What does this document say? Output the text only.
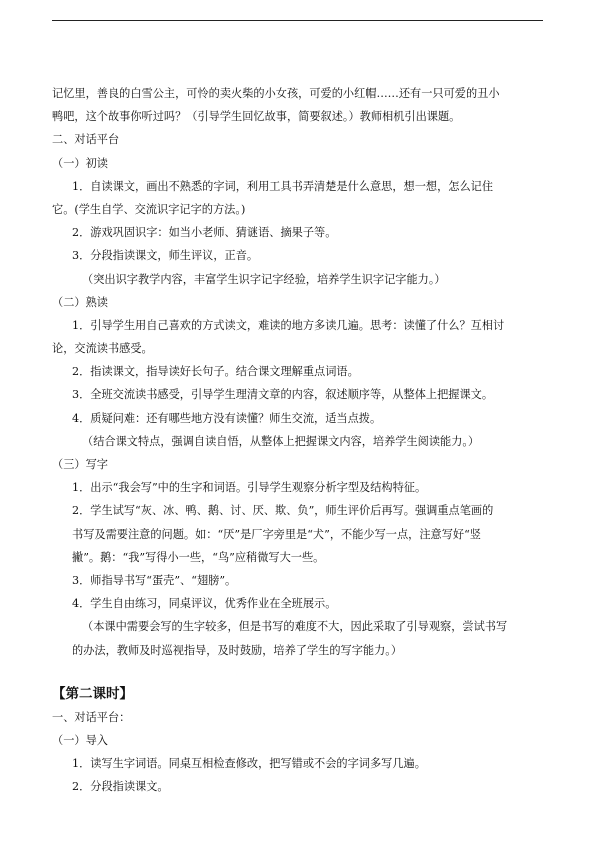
记忆里，善良的白雪公主，可怜的卖火柴的小女孩，可爱的小红帽……还有一只可爱的丑小
鸭吧，这个故事你听过吗？（引导学生回忆故事，简要叙述。）教师相机引出课题。
二、对话平台
（一）初读
1．自读课文，画出不熟悉的字词，利用工具书弄清楚是什么意思，想一想，怎么记住
它。(学生自学、交流识字记字的方法。)
2．游戏巩固识字：如当小老师、猜谜语、摘果子等。
3．分段指读课文，师生评议，正音。
（突出识字教学内容，丰富学生识字记字经验，培养学生识字记字能力。）
（二）熟读
1．引导学生用自己喜欢的方式读文，难读的地方多读几遍。思考：读懂了什么？互相讨
论，交流读书感受。
2．指读课文，指导读好长句子。结合课文理解重点词语。
3．全班交流读书感受，引导学生理清文章的内容，叙述顺序等，从整体上把握课文。
4．质疑问难：还有哪些地方没有读懂？师生交流，适当点拨。
（结合课文特点，强调自读自悟，从整体上把握课文内容，培养学生阅读能力。）
（三）写字
1．出示“我会写”中的生字和词语。引导学生观察分析字型及结构特征。
2．学生试写“灰、冰、鸭、鹅、讨、厌、欺、负”，师生评价后再写。强调重点笔画的
书写及需要注意的问题。如：“厌”是厂字旁里是“犬”，不能少写一点，注意写好“竖
撇”。鹅：“我”写得小一些，“鸟”应稍微写大一些。
3．师指导书写“蛋壳”、“翅膀”。
4．学生自由练习，同桌评议，优秀作业在全班展示。
（本课中需要会写的生字较多，但是书写的难度不大，因此采取了引导观察，尝试书写
的办法，教师及时巡视指导，及时鼓励，培养了学生的写字能力。）
【第二课时】
一、对话平台：
（一）导入
1．读写生字词语。同桌互相检查修改，把写错或不会的字词多写几遍。
2．分段指读课文。
